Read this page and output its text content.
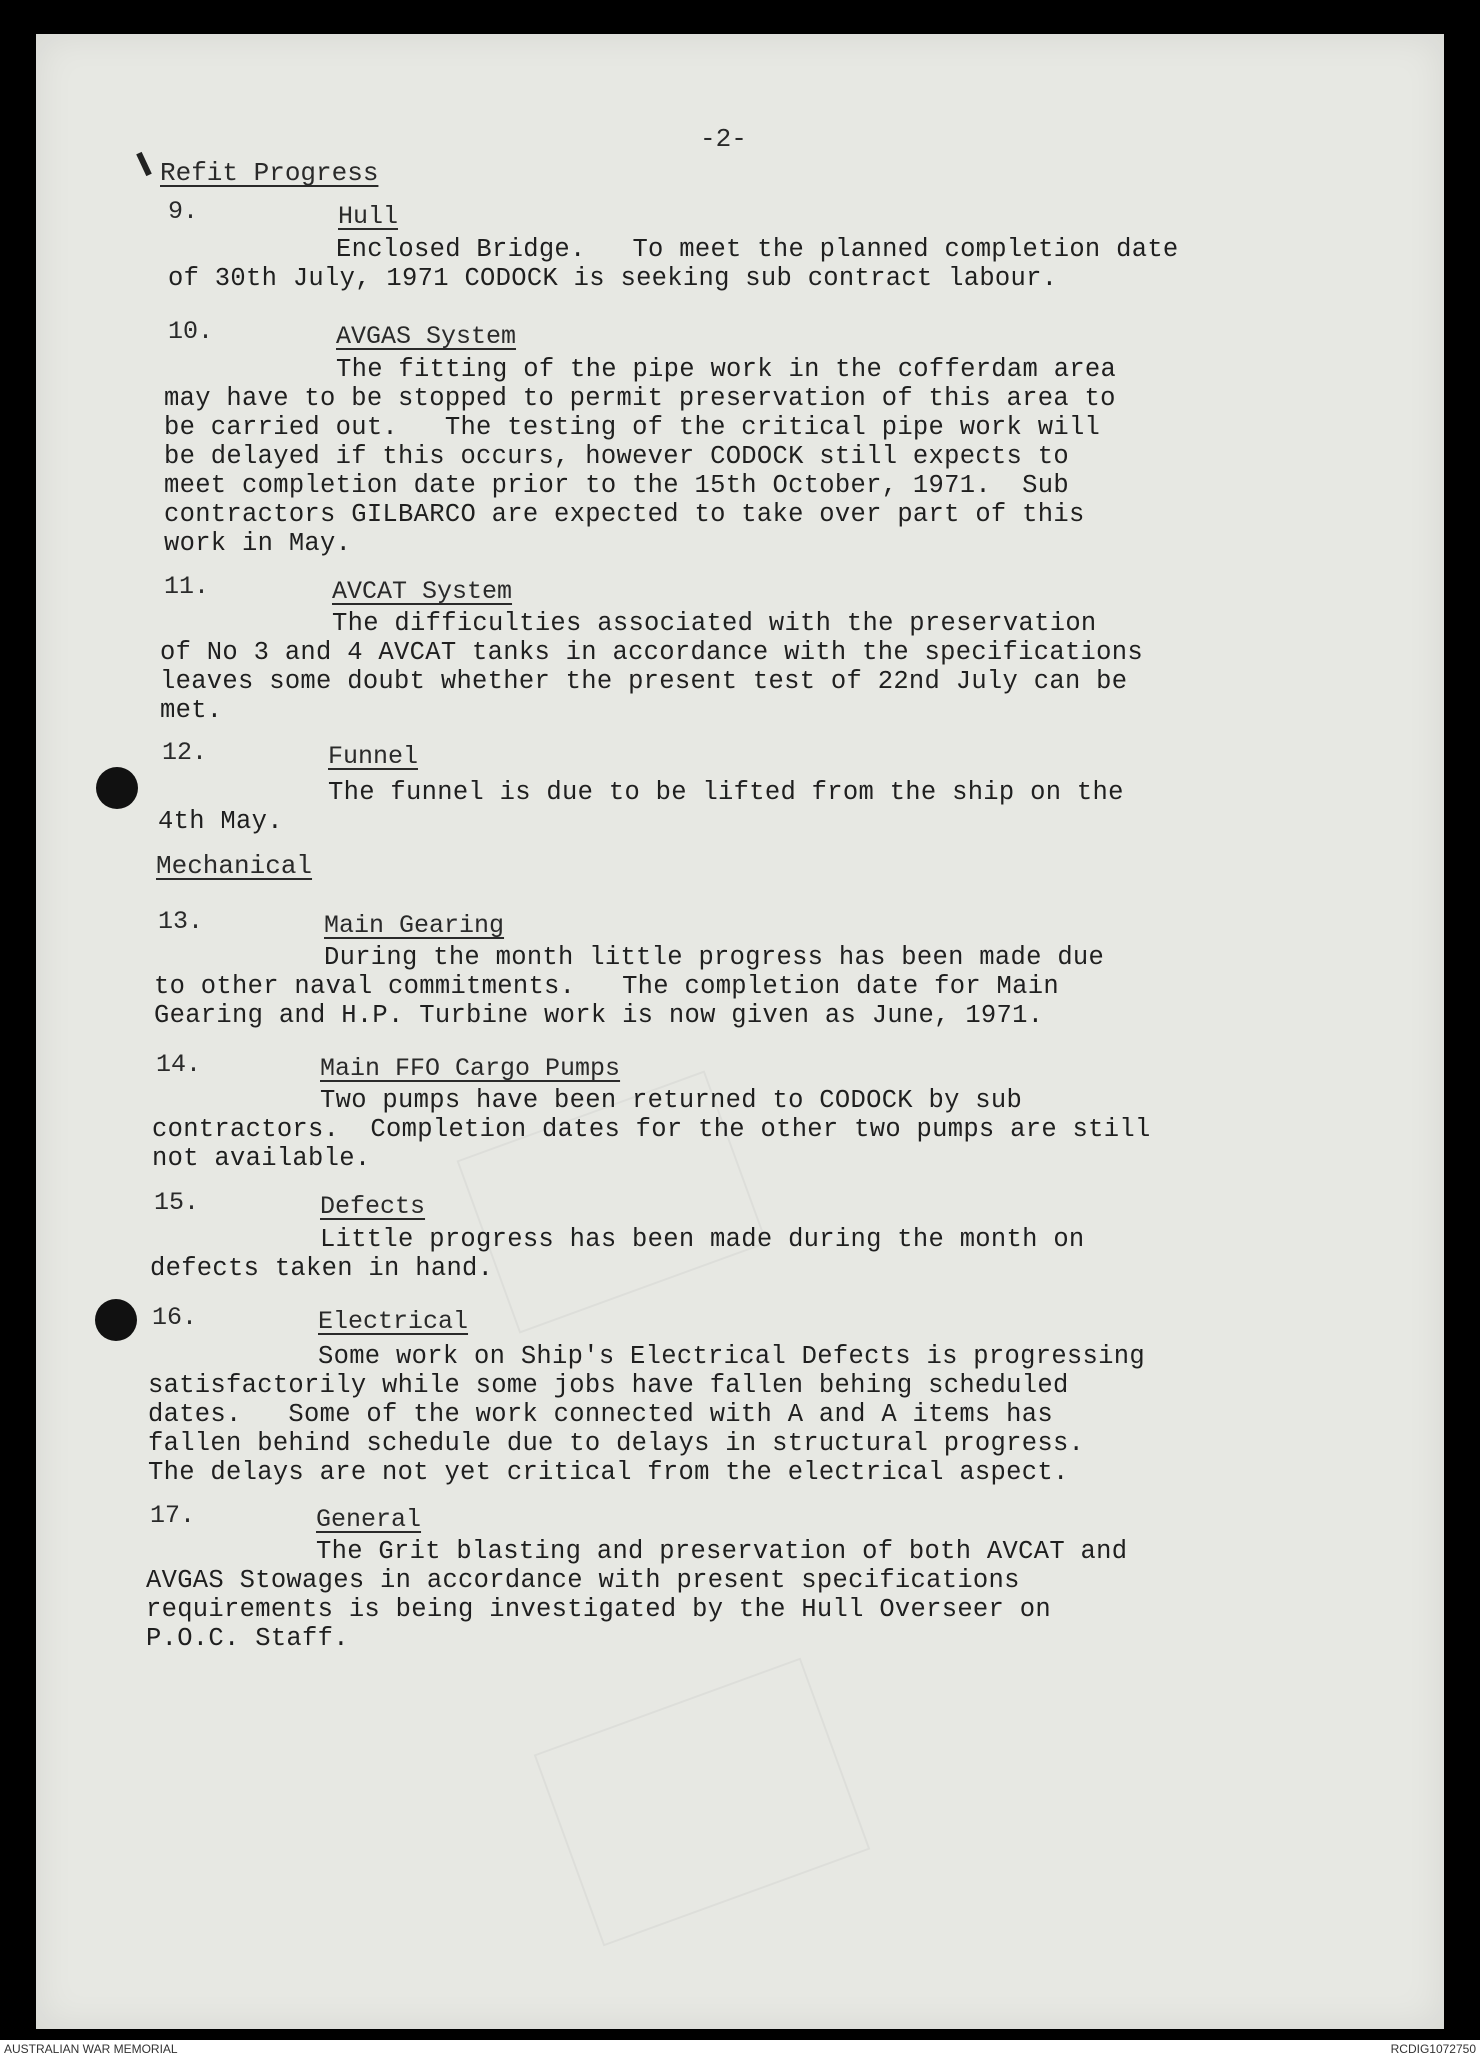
-2-
Refit Progress
9.	Hull
Enclosed Bridge.   To meet the planned completion date
of 30th July, 1971 CODOCK is seeking sub contract labour.
10.	AVGAS System
The fitting of the pipe work in the cofferdam area
may have to be stopped to permit preservation of this area to
be carried out.   The testing of the critical pipe work will
be delayed if this occurs, however CODOCK still expects to
meet completion date prior to the 15th October, 1971.  Sub
contractors GILBARCO are expected to take over part of this
work in May.
11.	AVCAT System
The difficulties associated with the preservation
of No 3 and 4 AVCAT tanks in accordance with the specifications
leaves some doubt whether the present test of 22nd July can be
met.
12.	Funnel
The funnel is due to be lifted from the ship on the
4th May.
Mechanical
13.	Main Gearing
During the month little progress has been made due
to other naval commitments.   The completion date for Main
Gearing and H.P. Turbine work is now given as June, 1971.
14.	Main FFO Cargo Pumps
Two pumps have been returned to CODOCK by sub
contractors.  Completion dates for the other two pumps are still
not available.
15.	Defects
Little progress has been made during the month on
defects taken in hand.
16.	Electrical
Some work on Ship's Electrical Defects is progressing
satisfactorily while some jobs have fallen behing scheduled
dates.   Some of the work connected with A and A items has
fallen behind schedule due to delays in structural progress.
The delays are not yet critical from the electrical aspect.
17.	General
The Grit blasting and preservation of both AVCAT and
AVGAS Stowages in accordance with present specifications
requirements is being investigated by the Hull Overseer on
P.O.C. Staff.
AUSTRALIAN WAR MEMORIAL	RCDIG1072750
